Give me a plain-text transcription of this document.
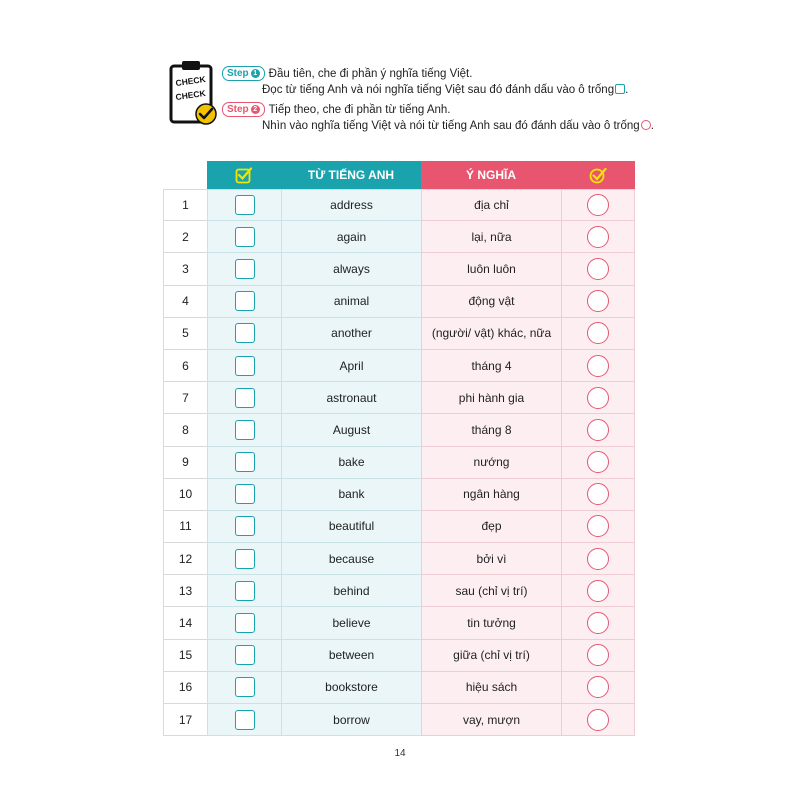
CHECK
CHECK
Step 1 Đầu tiên, che đi phần ý nghĩa tiếng Việt.
Đọc từ tiếng Anh và nói nghĩa tiếng Việt sau đó đánh dấu vào ô trống .
Step 2 Tiếp theo, che đi phần từ tiếng Anh.
Nhìn vào nghĩa tiếng Việt và nói từ tiếng Anh sau đó đánh dấu vào ô trống .
TỪ TIẾNG ANH	Ý NGHĨA
1	address	địa chỉ
2	again	lại, nữa
3	always	luôn luôn
4	animal	động vật
5	another	(người/ vật) khác, nữa
6	April	tháng 4
7	astronaut	phi hành gia
8	August	tháng 8
9	bake	nướng
10	bank	ngân hàng
11	beautiful	đẹp
12	because	bởi vì
13	behind	sau (chỉ vị trí)
14	believe	tin tưởng
15	between	giữa (chỉ vị trí)
16	bookstore	hiệu sách
17	borrow	vay, mượn
14
